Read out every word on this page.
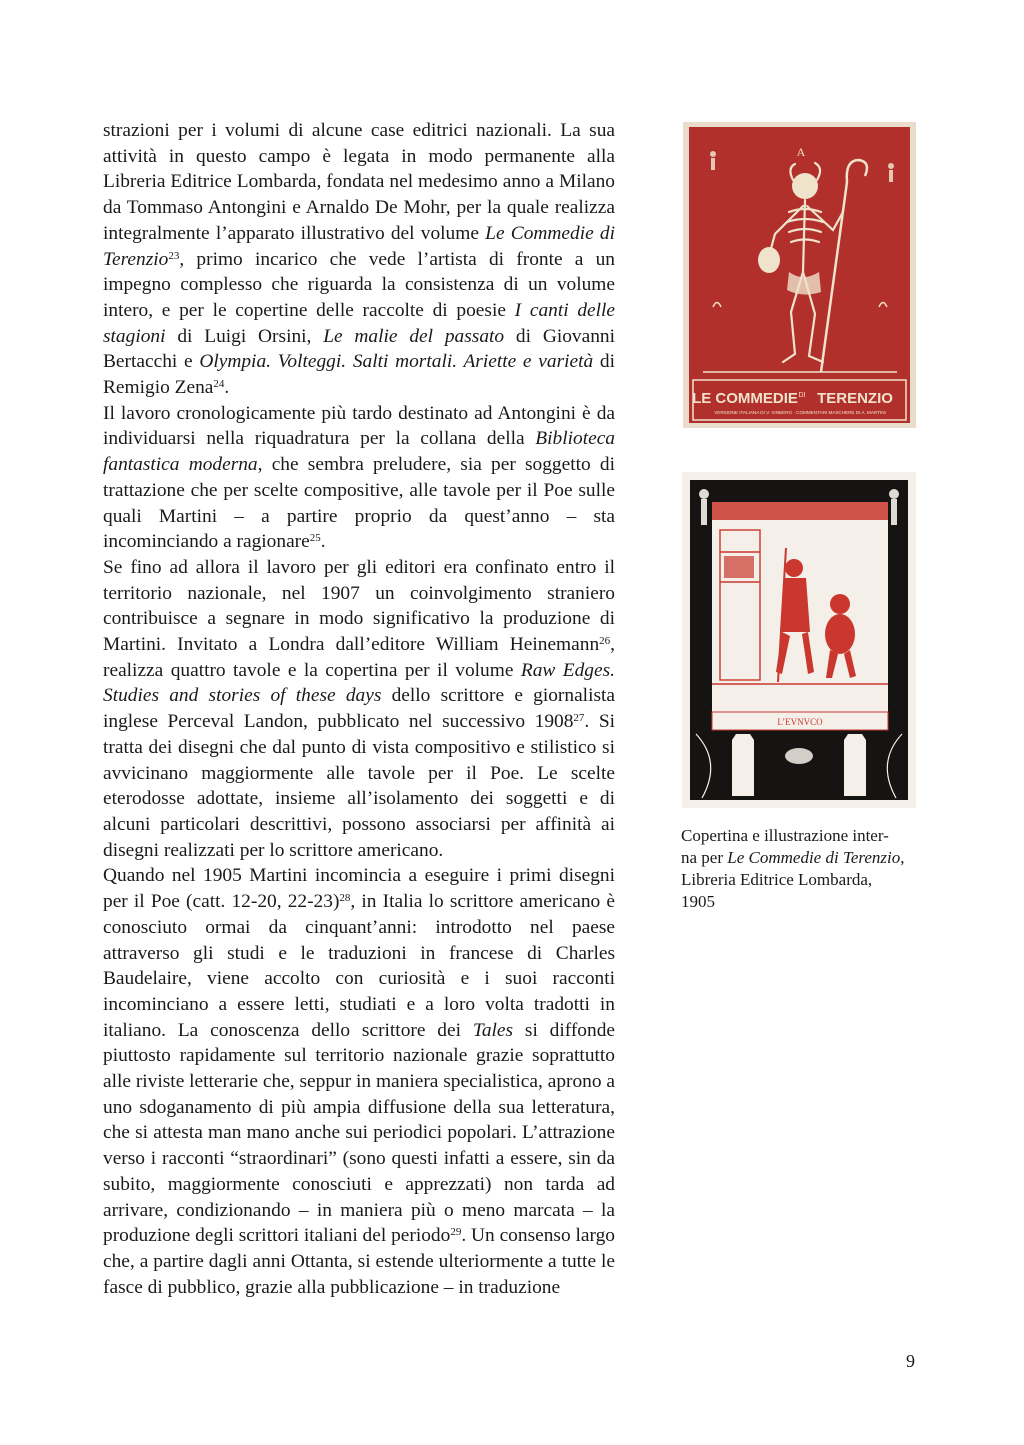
strazioni per i volumi di alcune case editrici nazionali. La sua attività in questo campo è legata in modo permanente alla Libreria Editrice Lombarda, fondata nel medesimo anno a Milano da Tommaso Antongini e Arnaldo De Mohr, per la quale realizza integralmente l’apparato illustrativo del volume Le Commedie di Terenzio$^{23}$, primo incarico che vede l’artista di fronte a un impegno complesso che riguarda la consistenza di un volume intero, e per le copertine delle raccolte di poesie I canti delle stagioni di Luigi Orsini, Le malie del passato di Giovanni Bertacchi e Olympia. Volteggi. Salti mortali. Ariette e varietà di Remigio Zena$^{24}$.

Il lavoro cronologicamente più tardo destinato ad Antongini è da individuarsi nella riquadratura per la collana della Biblioteca fantastica moderna, che sembra preludere, sia per soggetto di trattazione che per scelte compositive, alle tavole per il Poe sulle quali Martini – a partire proprio da quest’anno – sta incominciando a ragionare$^{25}$.

Se fino ad allora il lavoro per gli editori era confinato entro il territorio nazionale, nel 1907 un coinvolgimento straniero contribuisce a segnare in modo significativo la produzione di Martini. Invitato a Londra dall’editore William Heinemann$^{26}$, realizza quattro tavole e la copertina per il volume Raw Edges. Studies and stories of these days dello scrittore e giornalista inglese Perceval Landon, pubblicato nel successivo 1908$^{27}$. Si tratta dei disegni che dal punto di vista compositivo e stilistico si avvicinano maggiormente alle tavole per il Poe. Le scelte eterodosse adottate, insieme all’isolamento dei soggetti e di alcuni particolari descrittivi, possono associarsi per affinità ai disegni realizzati per lo scrittore americano.

Quando nel 1905 Martini incomincia a eseguire i primi disegni per il Poe (catt. 12-20, 22-23)$^{28}$, in Italia lo scrittore americano è conosciuto ormai da cinquant’anni: introdotto nel paese attraverso gli studi e le traduzioni in francese di Charles Baudelaire, viene accolto con curiosità e i suoi racconti incominciano a essere letti, studiati e a loro volta tradotti in italiano. La conoscenza dello scrittore dei Tales si diffonde piuttosto rapidamente sul territorio nazionale grazie soprattutto alle riviste letterarie che, seppur in maniera specialistica, aprono a uno sdoganamento di più ampia diffusione della sua letteratura, che si attesta man mano anche sui periodici popolari. L’attrazione verso i racconti “straordinari” (sono questi infatti a essere, sin da subito, maggiormente conosciuti e apprezzati) non tarda ad arrivare, condizionando – in maniera più o meno marcata – la produzione degli scrittori italiani del periodo$^{29}$. Un consenso largo che, a partire dagli anni Ottanta, si estende ulteriormente a tutte le fasce di pubblico, grazie alla pubblicazione – in traduzione

A
LE COMMEDIE DI TERENZIO
VERSIONE ITALIANA DI V. VINBERG · COMMENTARI MASCHERE DI A. MARTINI
L’EVNVCO
Copertina e illustrazione inter-
na per Le Commedie di Terenzio,
Libreria Editrice Lombarda,
1905
9
